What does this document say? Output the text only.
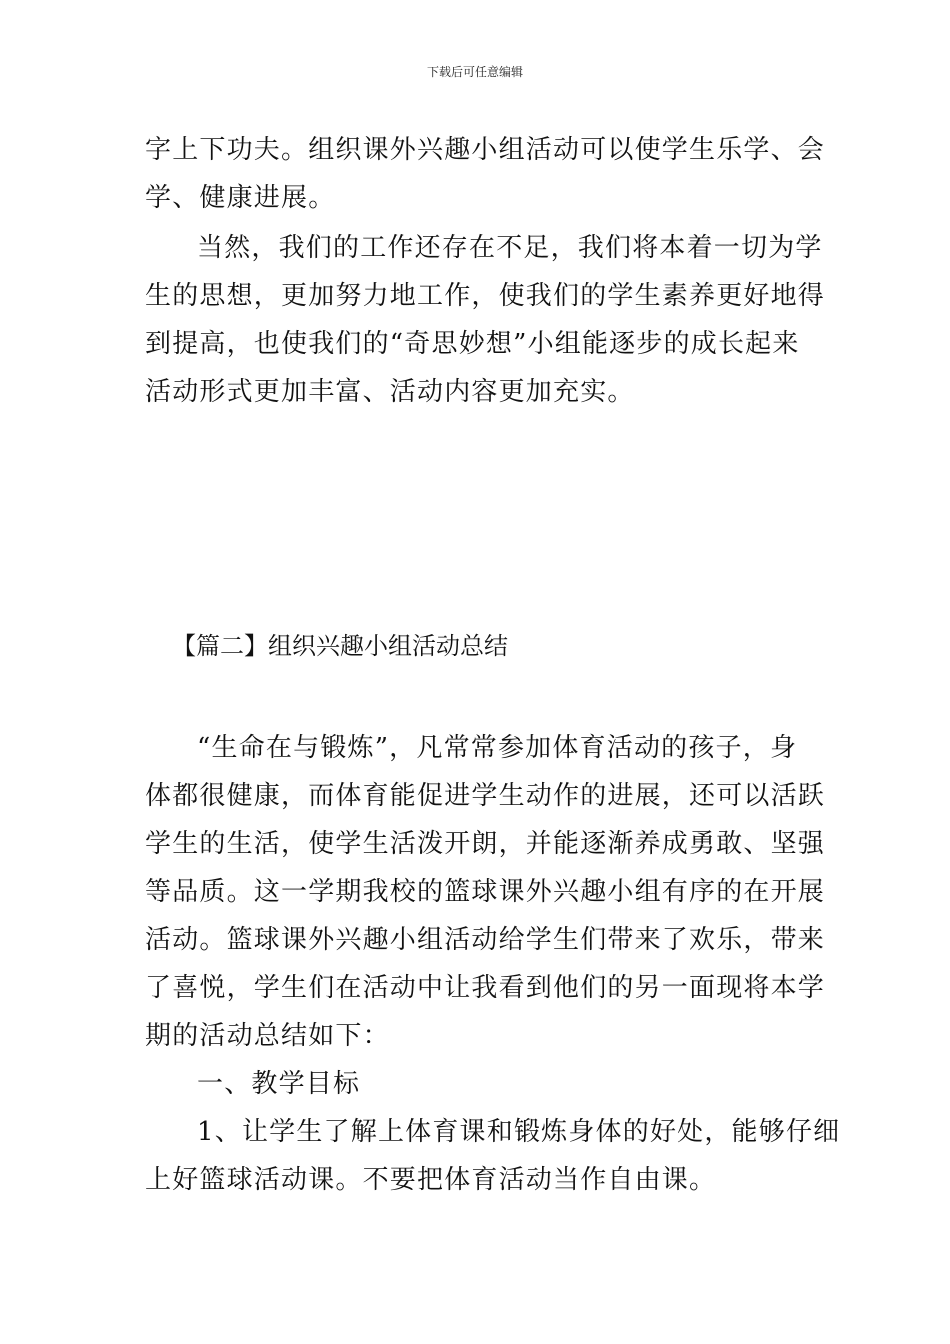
下载后可任意编辑
字上下功夫。组织课外兴趣小组活动可以使学生乐学、会
学、健康进展。
当然，我们的工作还存在不足，我们将本着一切为学
生的思想，更加努力地工作，使我们的学生素养更好地得
到提高，也使我们的“奇思妙想”小组能逐步的成长起来
活动形式更加丰富、活动内容更加充实。
【篇二】组织兴趣小组活动总结
“生命在与锻炼”，凡常常参加体育活动的孩子，身
体都很健康，而体育能促进学生动作的进展，还可以活跃
学生的生活，使学生活泼开朗，并能逐渐养成勇敢、坚强
等品质。这一学期我校的篮球课外兴趣小组有序的在开展
活动。篮球课外兴趣小组活动给学生们带来了欢乐，带来
了喜悦，学生们在活动中让我看到他们的另一面现将本学
期的活动总结如下：
一、教学目标
1、让学生了解上体育课和锻炼身体的好处，能够仔细
上好篮球活动课。不要把体育活动当作自由课。
